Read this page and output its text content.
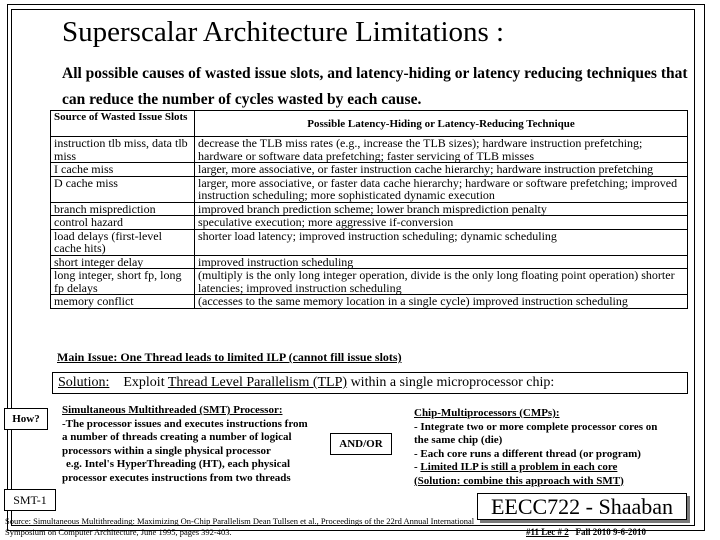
Superscalar Architecture Limitations :

All possible causes of wasted issue slots, and latency-hiding or latency reducing techniques that can reduce the number of cycles wasted by each cause.

Source of Wasted Issue Slots	Possible Latency-Hiding or Latency-Reducing Technique
instruction tlb miss, data tlb miss	decrease the TLB miss rates (e.g., increase the TLB sizes); hardware instruction prefetching; hardware or software data prefetching; faster servicing of TLB misses
I cache miss	larger, more associative, or faster instruction cache hierarchy; hardware instruction prefetching
D cache miss	larger, more associative, or faster data cache hierarchy; hardware or software prefetching; improved instruction scheduling; more sophisticated dynamic execution
branch misprediction	improved branch prediction scheme; lower branch misprediction penalty
control hazard	speculative execution; more aggressive if-conversion
load delays (first-level cache hits)	shorter load latency; improved instruction scheduling; dynamic scheduling
short integer delay	improved instruction scheduling
long integer, short fp, long fp delays	(multiply is the only long integer operation, divide is the only long floating point operation) shorter latencies; improved instruction scheduling
memory conflict	(accesses to the same memory location in a single cycle) improved instruction scheduling

Main Issue: One Thread leads to limited ILP (cannot fill issue slots)

Solution: Exploit Thread Level Parallelism (TLP) within a single microprocessor chip:
How?
Simultaneous Multithreaded (SMT) Processor:
-The processor issues and executes instructions from
a number of threads creating a number of logical
processors within a single physical processor
e.g. Intel's HyperThreading (HT), each physical
processor executes instructions from two threads
AND/OR
Chip-Multiprocessors (CMPs):
- Integrate two or more complete processor cores on
the same chip (die)
- Each core runs a different thread (or program)
- Limited ILP is still a problem in each core
(Solution: combine this approach with SMT)
SMT-1

Source: Simultaneous Multithreading: Maximizing On-Chip Parallelism Dean Tullsen et al., Proceedings of the 22rd Annual International Symposium on Computer Architecture, June 1995, pages 392-403.

EECC722 - Shaaban

#11 Lec # 2 Fall 2010 9-6-2010
